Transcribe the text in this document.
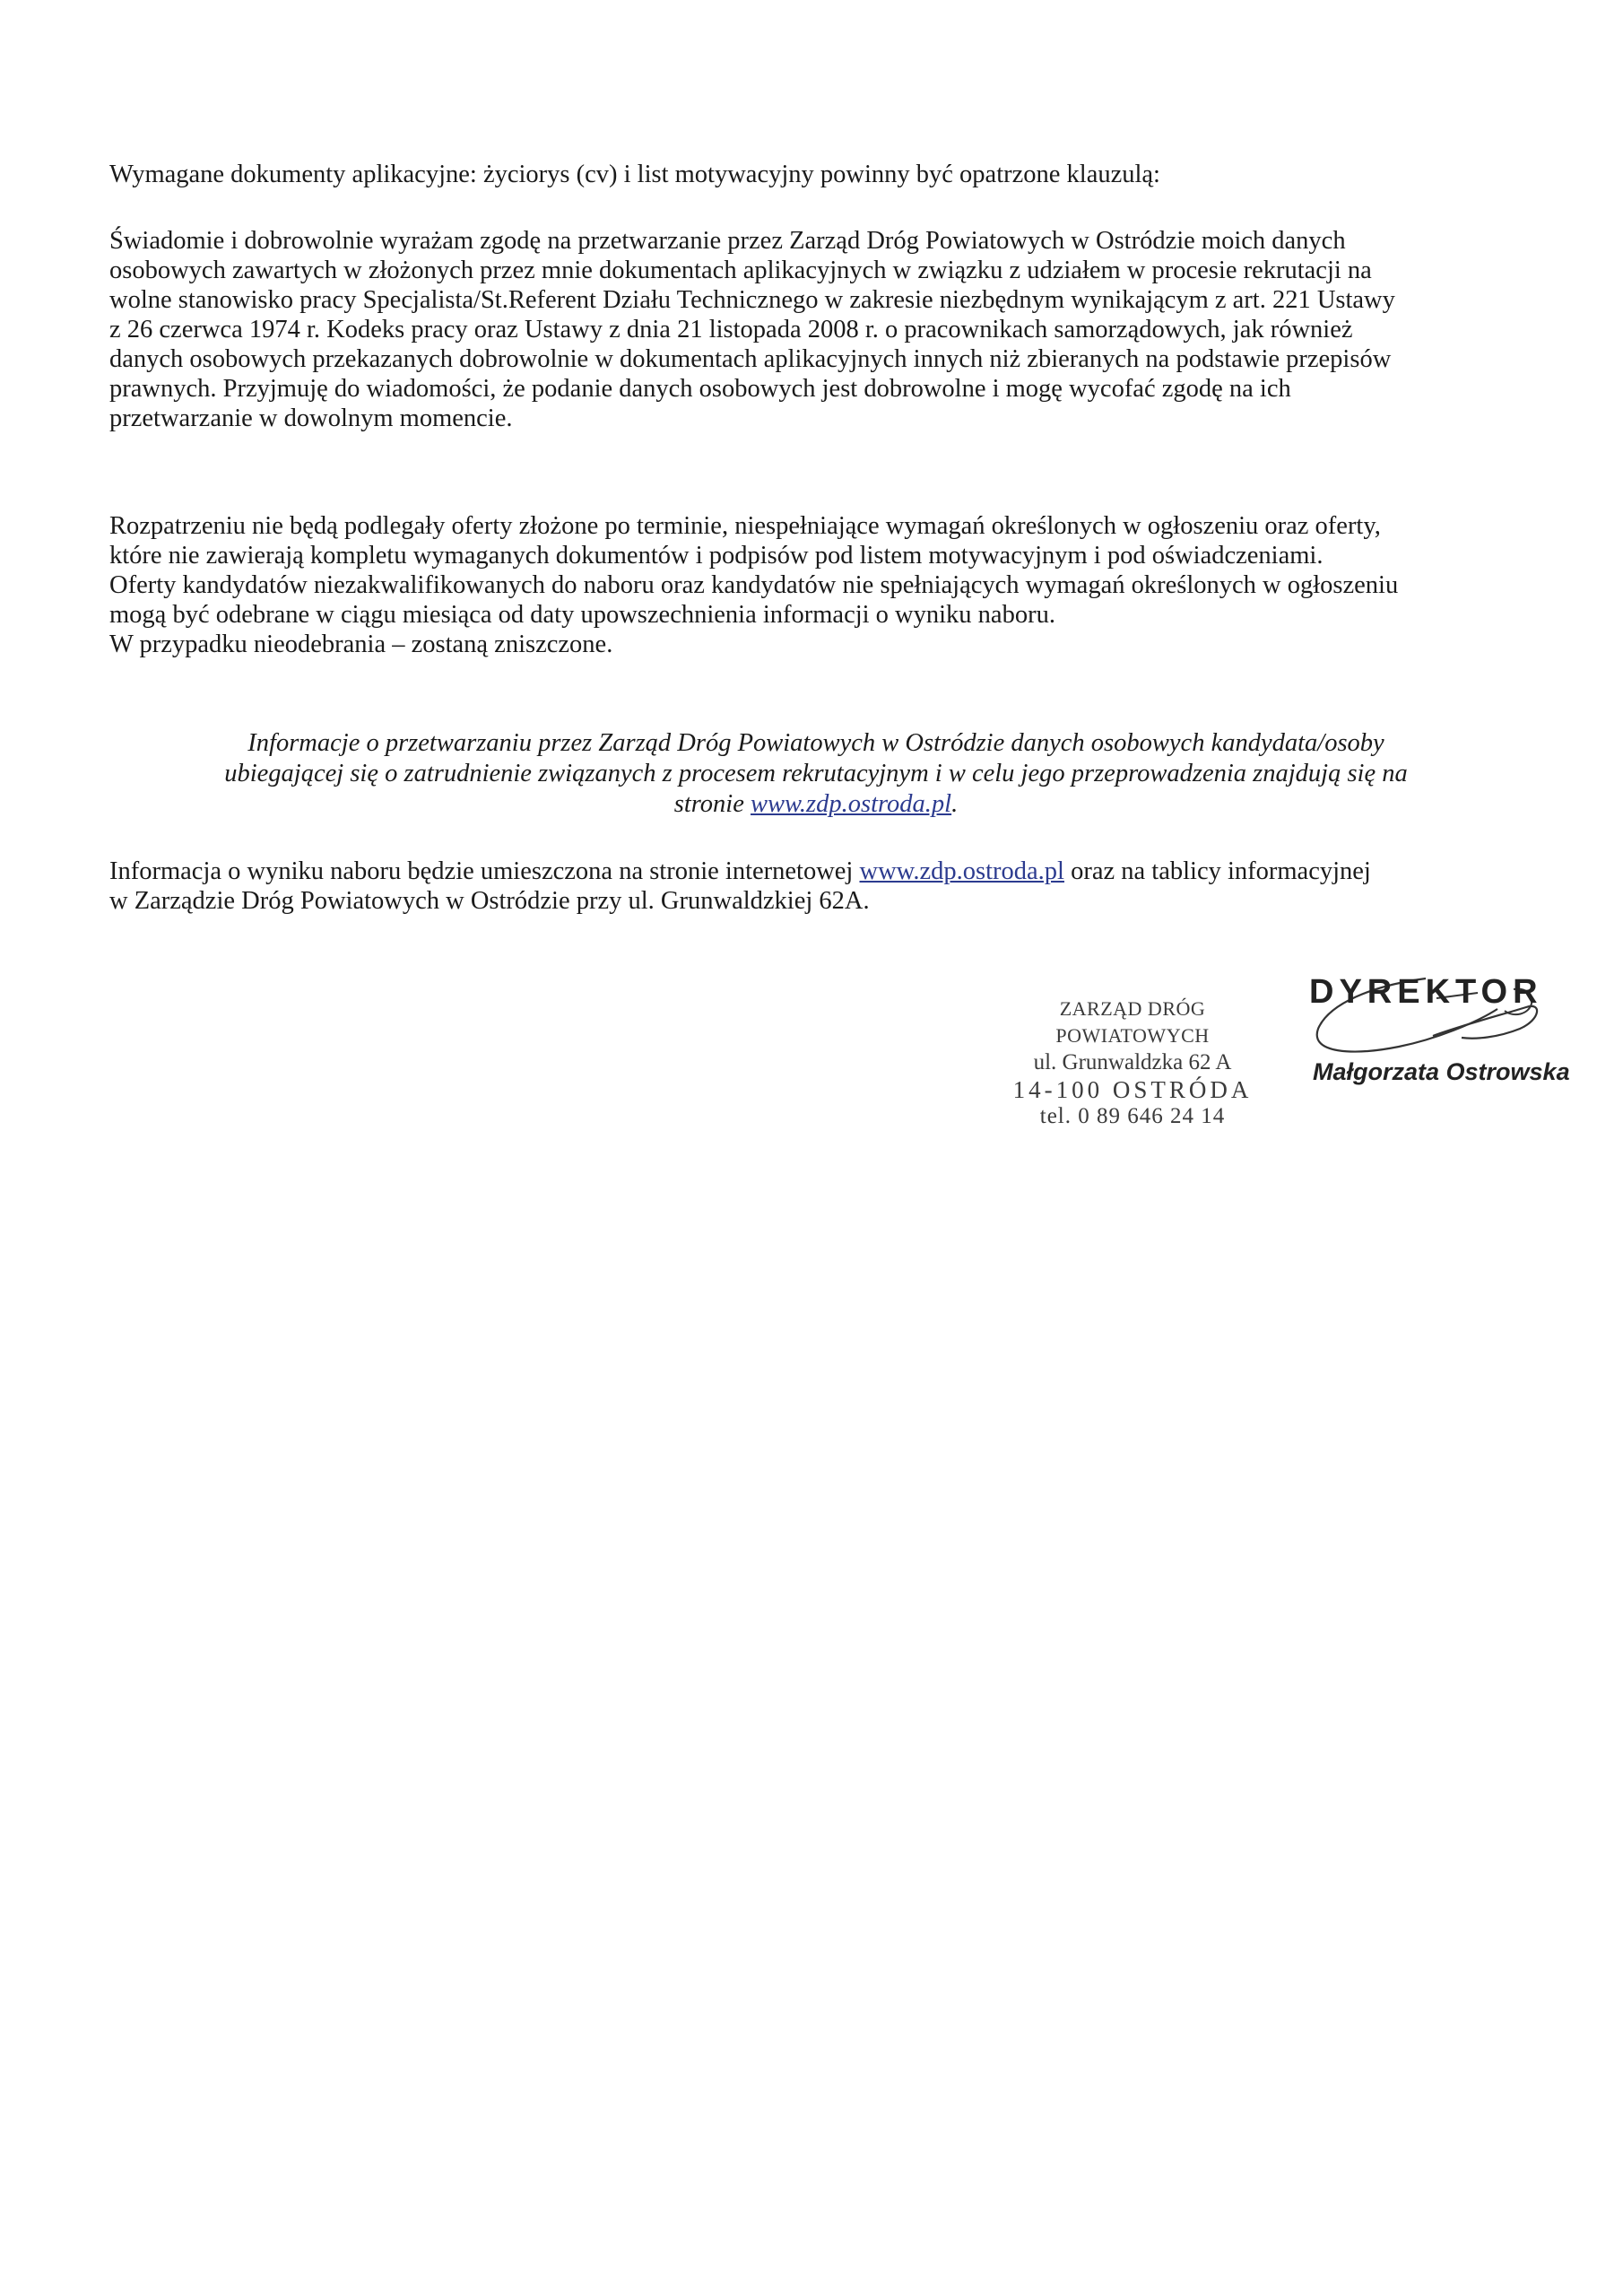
Wymagane dokumenty aplikacyjne: życiorys (cv) i list motywacyjny powinny być opatrzone klauzulą:

Świadomie i dobrowolnie wyrażam zgodę na przetwarzanie przez Zarząd Dróg Powiatowych w Ostródzie moich danych
osobowych zawartych w złożonych przez mnie dokumentach aplikacyjnych w związku z udziałem w procesie rekrutacji na
wolne stanowisko pracy Specjalista/St.Referent Działu Technicznego w zakresie niezbędnym wynikającym z art. 221 Ustawy
z 26 czerwca 1974 r. Kodeks pracy oraz Ustawy z dnia 21 listopada 2008 r. o pracownikach samorządowych, jak również
danych osobowych przekazanych dobrowolnie w dokumentach aplikacyjnych innych niż zbieranych na podstawie przepisów
prawnych. Przyjmuję do wiadomości, że podanie danych osobowych jest dobrowolne i mogę wycofać zgodę na ich
przetwarzanie w dowolnym momencie.

Rozpatrzeniu nie będą podlegały oferty złożone po terminie, niespełniające wymagań określonych w ogłoszeniu oraz oferty,
które nie zawierają kompletu wymaganych dokumentów i podpisów pod listem motywacyjnym i pod oświadczeniami.
Oferty kandydatów niezakwalifikowanych do naboru oraz kandydatów nie spełniających wymagań określonych w ogłoszeniu
mogą być odebrane w ciągu miesiąca od daty upowszechnienia informacji o wyniku naboru.
W przypadku nieodebrania – zostaną zniszczone.

Informacje o przetwarzaniu przez Zarząd Dróg Powiatowych w Ostródzie danych osobowych kandydata/osoby
ubiegającej się o zatrudnienie związanych z procesem rekrutacyjnym i w celu jego przeprowadzenia znajdują się na
stronie www.zdp.ostroda.pl.

Informacja o wyniku naboru będzie umieszczona na stronie internetowej www.zdp.ostroda.pl oraz na tablicy informacyjnej
w Zarządzie Dróg Powiatowych w Ostródzie przy ul. Grunwaldzkiej 62A.

ZARZĄD DRÓG POWIATOWYCH
ul. Grunwaldzka 62 A
14-100 OSTRÓDA
tel. 0 89 646 24 14
DYREKTOR
Małgorzata Ostrowska
